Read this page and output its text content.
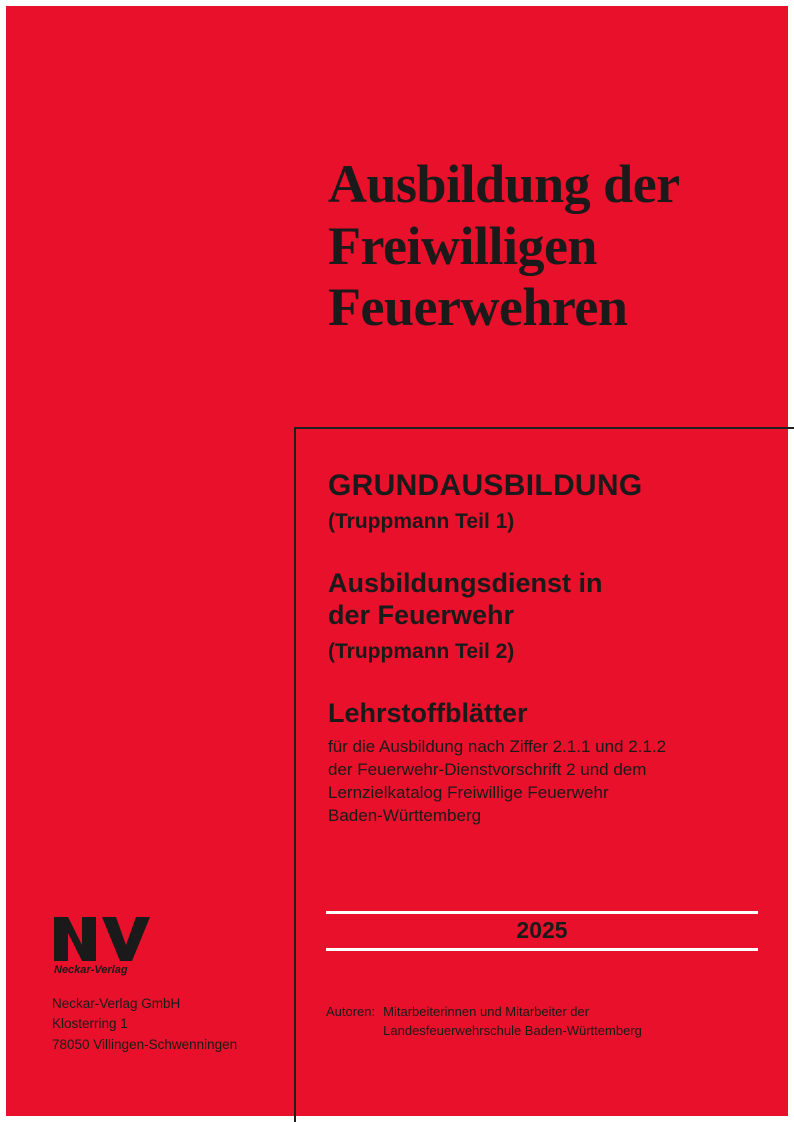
Ausbildung der
Freiwilligen
Feuerwehren
GRUNDAUSBILDUNG
(Truppmann Teil 1)
Ausbildungsdienst in
der Feuerwehr
(Truppmann Teil 2)
Lehrstoffblätter
für die Ausbildung nach Ziffer 2.1.1 und 2.1.2
der Feuerwehr-Dienstvorschrift 2 und dem
Lernzielkatalog Freiwillige Feuerwehr
Baden-Württemberg
2025
Autoren: Mitarbeiterinnen und Mitarbeiter der
Landesfeuerwehrschule Baden-Württemberg
Neckar-Verlag
Neckar-Verlag GmbH
Klosterring 1
78050 Villingen-Schwenningen
